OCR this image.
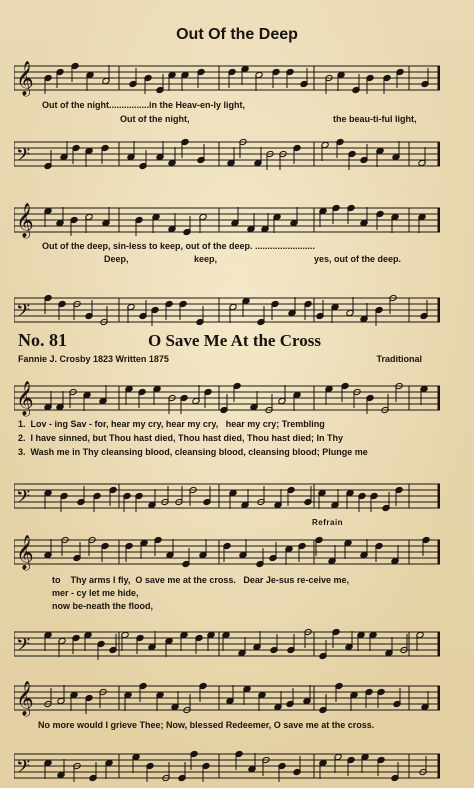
Out Of the Deep
𝄞
Out of the night................in the Heav-en-ly light,
Out of the night,	the beau-ti-ful light,
𝄢
𝄞
Out of the deep, sin-less to keep, out of the deep. ........................
Deep,	keep,	yes, out of the deep.
𝄢
No. 81	O Save Me At the Cross
Fannie J. Crosby 1823 Written 1875	Traditional
𝄞
1.  Lov - ing Sav - for, hear my cry, hear my cry,   hear my cry; Trembling
2.  I have sinned, but Thou hast died, Thou hast died, Thou hast died; In Thy
3.  Wash me in Thy cleansing blood, cleansing blood, cleansing blood; Plunge me
𝄢
Refrain
𝄞
to    Thy arms I fly,  O save me at the cross.   Dear Je-sus re-ceive me,
mer - cy let me hide,
now be-neath the flood,
𝄢
𝄞
No more would I grieve Thee; Now, blessed Redeemer, O save me at the cross.
𝄢
